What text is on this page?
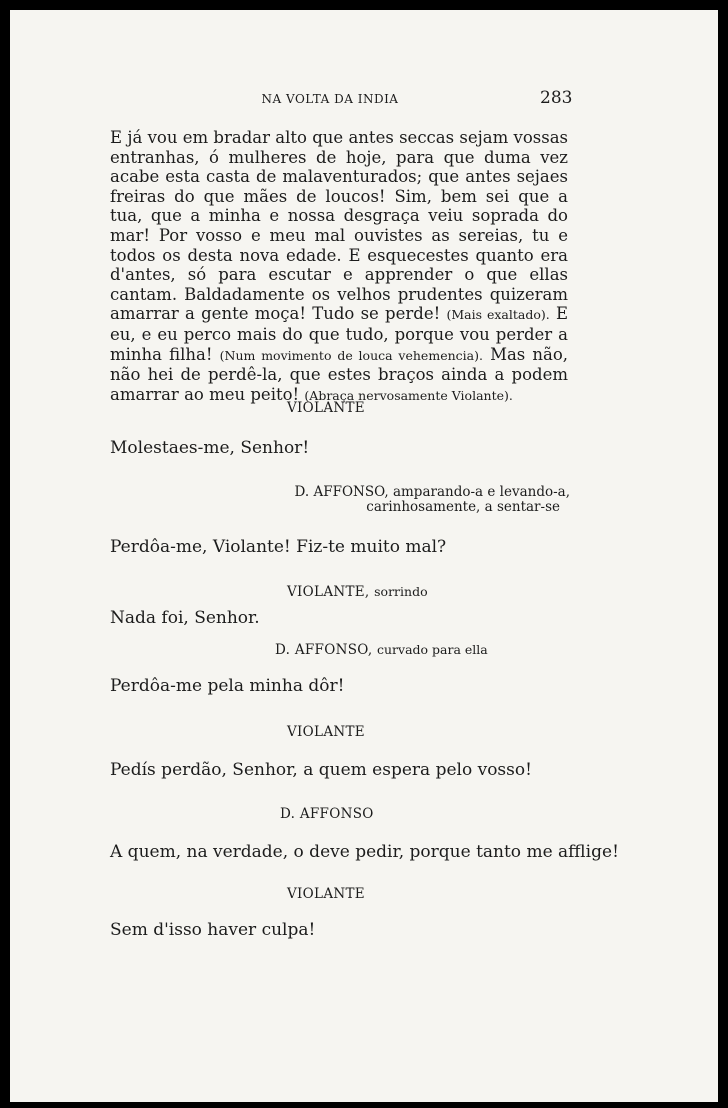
NA VOLTA DA INDIA	283

E já vou em bradar alto que antes seccas sejam vossas entranhas, ó mulheres de hoje, para que duma vez acabe esta casta de malaventurados; que antes sejaes freiras do que mães de loucos! Sim, bem sei que a tua, que a minha e nossa desgraça veiu soprada do mar! Por vosso e meu mal ouvistes as sereias, tu e todos os desta nova edade. E esquecestes quanto era d'antes, só para escutar e apprender o que ellas cantam. Baldadamente os velhos prudentes quizeram amarrar a gente moça! Tudo se perde! (Mais exaltado). E eu, e eu perco mais do que tudo, porque vou perder a minha filha! (Num movimento de louca vehemencia). Mas não, não hei de perdê-la, que estes braços ainda a podem amarrar ao meu peito! (Abraça nervosamente Violante).

VIOLANTE
Molestaes-me, Senhor!
D. AFFONSO, amparando-a e levando-a,
carinhosamente, a sentar-se
Perdôa-me, Violante! Fiz-te muito mal?
VIOLANTE, sorrindo
Nada foi, Senhor.
D. AFFONSO, curvado para ella
Perdôa-me pela minha dôr!
VIOLANTE
Pedís perdão, Senhor, a quem espera pelo vosso!
D. AFFONSO
A quem, na verdade, o deve pedir, porque tanto me afflige!
VIOLANTE
Sem d'isso haver culpa!
